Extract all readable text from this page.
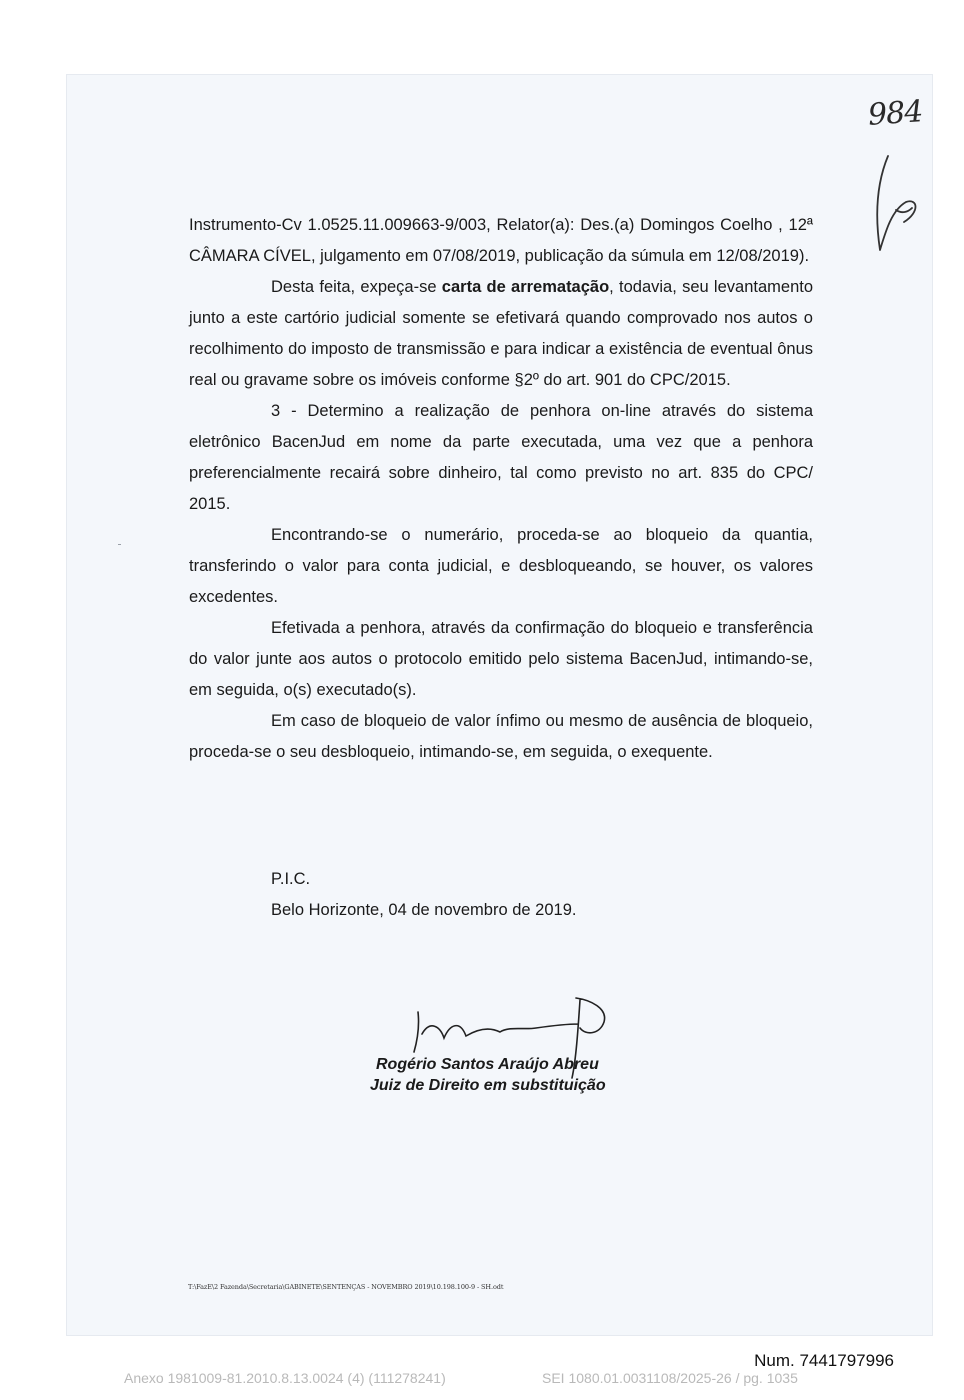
984

Instrumento-Cv 1.0525.11.009663-9/003, Relator(a): Des.(a) Domingos Coelho , 12ª CÂMARA CÍVEL, julgamento em 07/08/2019, publicação da súmula em 12/08/2019).

Desta feita, expeça-se carta de arrematação, todavia, seu levantamento junto a este cartório judicial somente se efetivará quando comprovado nos autos o recolhimento do imposto de transmissão e para indicar a existência de eventual ônus real ou gravame sobre os imóveis conforme §2º do art. 901 do CPC/2015.

3 - Determino a realização de penhora on-line através do sistema eletrônico BacenJud em nome da parte executada, uma vez que a penhora preferencialmente recairá sobre dinheiro, tal como previsto no art. 835 do CPC/ 2015.

Encontrando-se o numerário, proceda-se ao bloqueio da quantia, transferindo o valor para conta judicial, e desbloqueando, se houver, os valores excedentes.

Efetivada a penhora, através da confirmação do bloqueio e transferência do valor junte aos autos o protocolo emitido pelo sistema BacenJud, intimando-se, em seguida, o(s) executado(s).

Em caso de bloqueio de valor ínfimo ou mesmo de ausência de bloqueio, proceda-se o seu desbloqueio, intimando-se, em seguida, o exequente.

P.I.C.
Belo Horizonte, 04 de novembro de 2019.
Rogério Santos Araújo Abreu
Juiz de Direito em substituição
T:\FazE\2 Fazenda\Secretaria\GABINETE\SENTENÇAS - NOVEMBRO 2019\10.198.100-9 - SH.odt
Num. 7441797996
Anexo 1981009-81.2010.8.13.0024 (4) (111278241)	SEI 1080.01.0031108/2025-26 / pg. 1035
